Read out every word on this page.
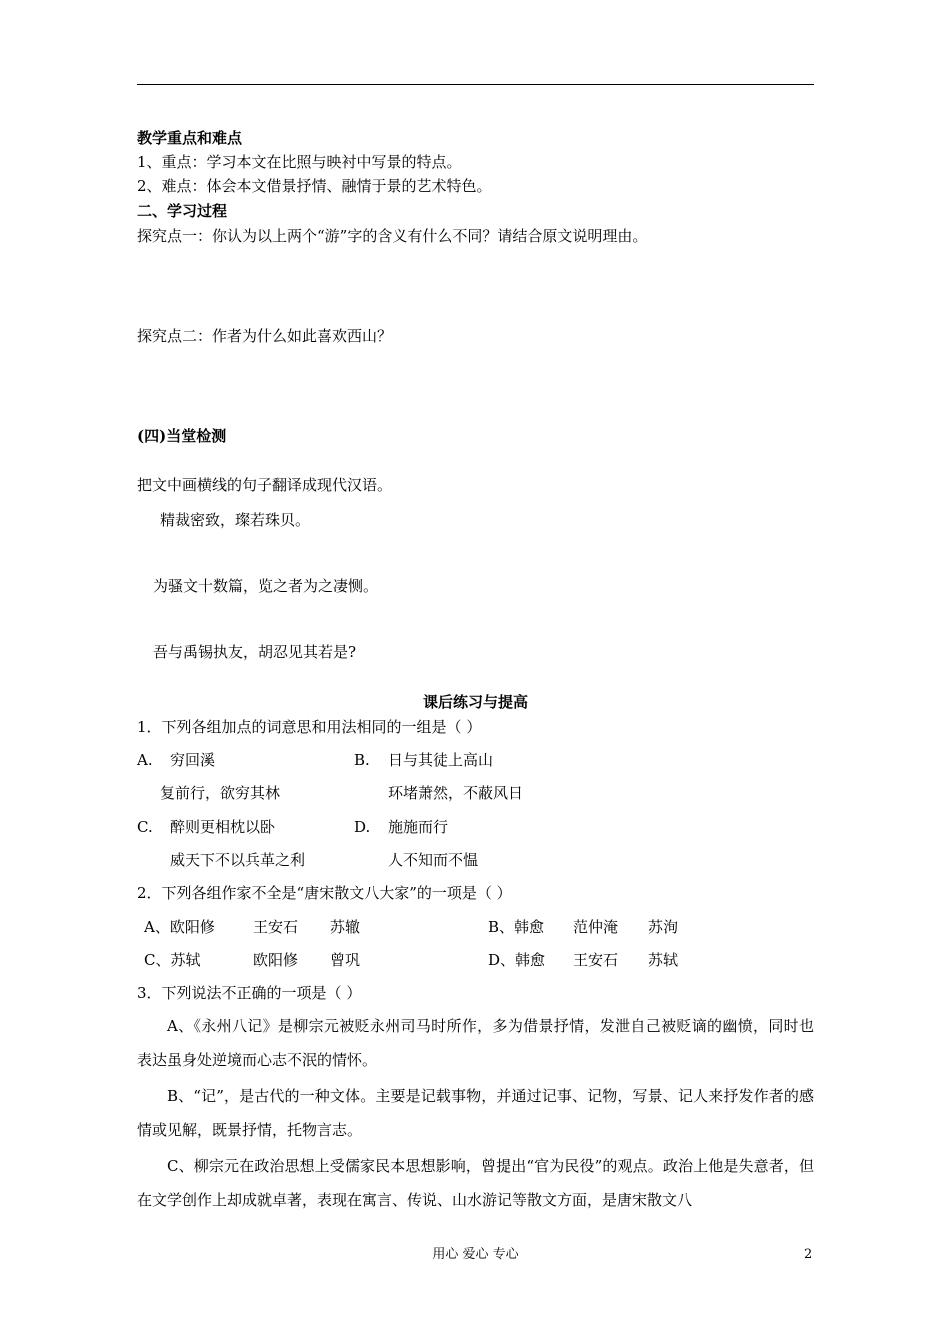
教学重点和难点
1、重点：学习本文在比照与映衬中写景的特点。
2、难点：体会本文借景抒情、融情于景的艺术特色。
二、学习过程
探究点一：你认为以上两个“游”字的含义有什么不同？请结合原文说明理由。
探究点二：作者为什么如此喜欢西山？
(四)当堂检测
把文中画横线的句子翻译成现代汉语。
精裁密致，璨若珠贝。
为骚文十数篇，览之者为之凄恻。
吾与禹锡执友，胡忍见其若是?
课后练习与提高
1．下列各组加点的词意思和用法相同的一组是（ ）
A. 穷回溪	B. 日与其徒上高山
复前行，欲穷其林	环堵萧然，不蔽风日
C. 醉则更相枕以卧	D. 施施而行
威天下不以兵革之利	人不知而不愠
2．下列各组作家不全是“唐宋散文八大家”的一项是（ ）
A、欧阳修	王安石 苏辙	B、韩愈 范仲淹 苏洵
C、苏轼	欧阳修 曾巩	D、韩愈 王安石 苏轼
3．下列说法不正确的一项是（ ）
A、《永州八记》是柳宗元被贬永州司马时所作，多为借景抒情，发泄自己被贬谪的幽愤，同时也表达虽身处逆境而心志不泯的情怀。
B、“记”，是古代的一种文体。主要是记载事物，并通过记事、记物，写景、记人来抒发作者的感情或见解，既景抒情，托物言志。
C、柳宗元在政治思想上受儒家民本思想影响，曾提出“官为民役”的观点。政治上他是失意者，但在文学创作上却成就卓著，表现在寓言、传说、山水游记等散文方面，是唐宋散文八
用心 爱心 专心	2
